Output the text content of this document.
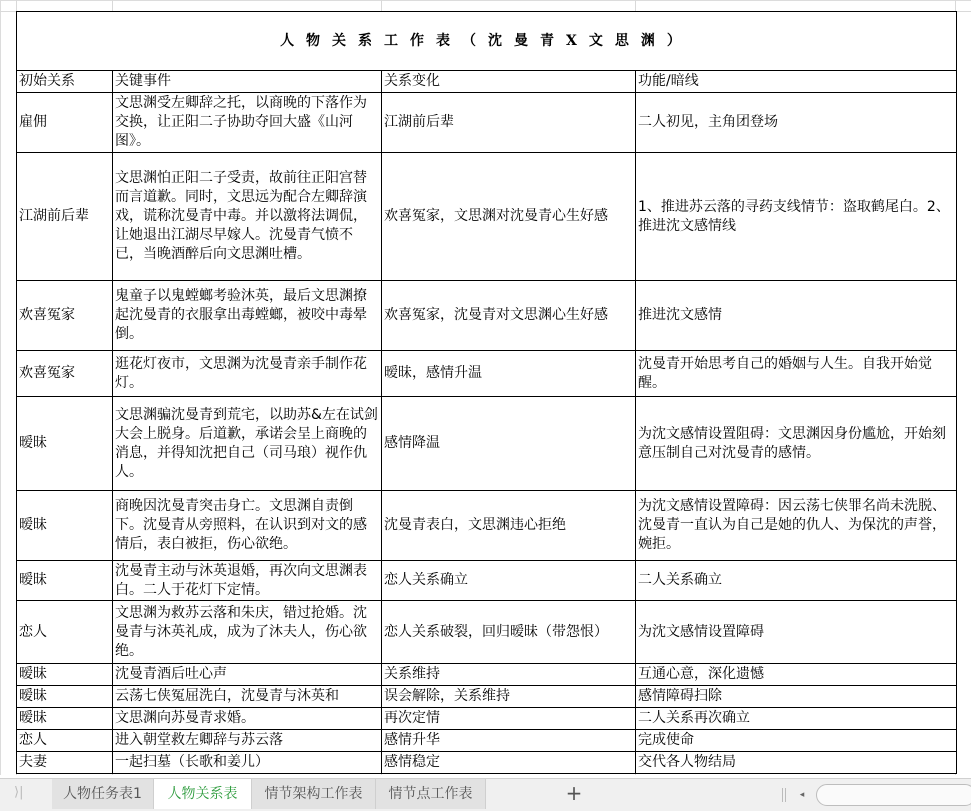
人物关系工作表（沈曼青X文思渊）			
初始关系	关键事件	关系变化	功能/暗线
雇佣	文思渊受左卿辞之托，以商晚的下落作为交换，让正阳二子协助夺回大盛《山河图》。	江湖前后辈	二人初见，主角团登场
江湖前后辈	文思渊怕正阳二子受责，故前往正阳宫替而言道歉。同时，文思远为配合左卿辞演戏，谎称沈曼青中毒。并以激将法调侃，让她退出江湖尽早嫁人。沈曼青气愤不已，当晚酒醉后向文思渊吐槽。	欢喜冤家，文思渊对沈曼青心生好感	1、推进苏云落的寻药支线情节：盗取鹤尾白。2、推进沈文感情线
欢喜冤家	鬼童子以鬼螳螂考验沐英，最后文思渊撩起沈曼青的衣服拿出毒螳螂，被咬中毒晕倒。	欢喜冤家，沈曼青对文思渊心生好感	推进沈文感情
欢喜冤家	逛花灯夜市，文思渊为沈曼青亲手制作花灯。	暧昧，感情升温	沈曼青开始思考自己的婚姻与人生。自我开始觉醒。
暧昧	文思渊骗沈曼青到荒宅，以助苏&左在试剑大会上脱身。后道歉，承诺会呈上商晚的消息，并得知沈把自己（司马琅）视作仇人。	感情降温	为沈文感情设置阻碍：文思渊因身份尴尬，开始刻意压制自己对沈曼青的感情。
暧昧	商晚因沈曼青突击身亡。文思渊自责倒下。沈曼青从旁照料，在认识到对文的感情后，表白被拒，伤心欲绝。	沈曼青表白，文思渊违心拒绝	为沈文感情设置障碍：因云荡七侠罪名尚未洗脱、沈曼青一直认为自己是她的仇人、为保沈的声誉，婉拒。
暧昧	沈曼青主动与沐英退婚，再次向文思渊表白。二人于花灯下定情。	恋人关系确立	二人关系确立
恋人	文思渊为救苏云落和朱庆，错过抢婚。沈曼青与沐英礼成，成为了沐夫人，伤心欲绝。	恋人关系破裂，回归暧昧（带怨恨）	为沈文感情设置障碍
暧昧	沈曼青酒后吐心声	关系维持	互通心意，深化遗憾
暧昧	云荡七侠冤屈洗白，沈曼青与沐英和	误会解除，关系维持	感情障碍扫除
暧昧	文思渊向苏曼青求婚。	再次定情	二人关系再次确立
恋人	进入朝堂救左卿辞与苏云落	感情升华	完成使命
夫妻	一起扫墓（长歌和姜儿）	感情稳定	交代各人物结局
⟩|	人物任务表1	人物关系表	情节架构工作表	情节点工作表	+	◂
